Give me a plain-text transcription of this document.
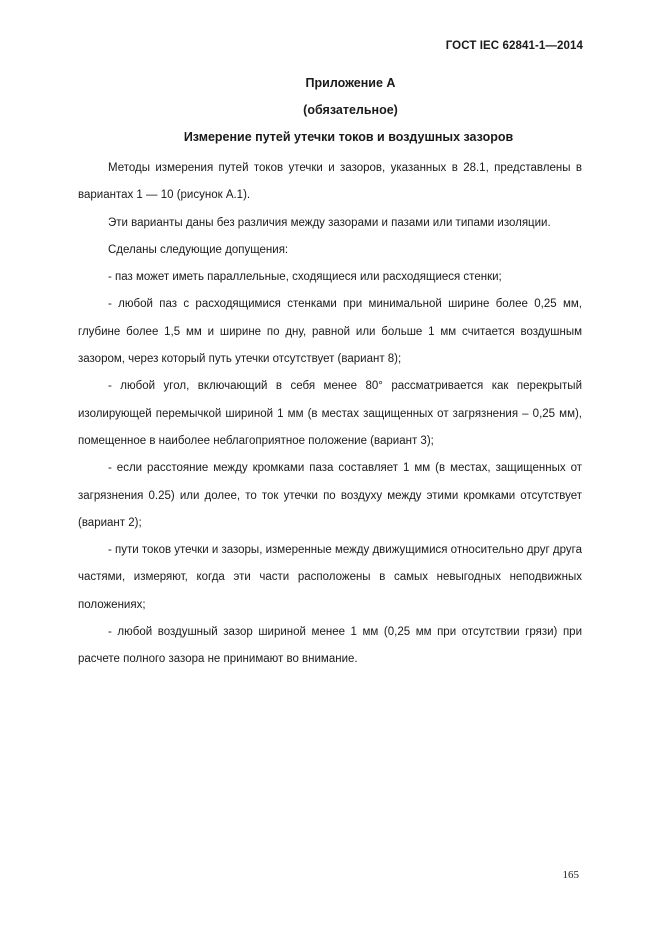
ГОСТ IEC 62841-1—2014
Приложение A
(обязательное)
Измерение путей утечки токов и воздушных зазоров

Методы измерения путей токов утечки и зазоров, указанных в 28.1, представлены в вариантах 1 — 10 (рисунок А.1).

Эти варианты даны без различия между зазорами и пазами или типами изоляции.

Сделаны следующие допущения:

- паз может иметь параллельные, сходящиеся или расходящиеся стенки;

- любой паз с расходящимися стенками при минимальной ширине более 0,25 мм, глубине более 1,5 мм и ширине по дну, равной или больше 1 мм считается воздушным зазором, через который путь утечки отсутствует (вариант 8);

- любой угол, включающий в себя менее 80° рассматривается как перекрытый изолирующей перемычкой шириной 1 мм (в местах защищенных от загрязнения – 0,25 мм), помещенное в наиболее неблагоприятное положение (вариант 3);

- если расстояние между кромками паза составляет 1 мм (в местах, защищенных от загрязнения 0.25) или долее, то ток утечки по воздуху между этими кромками отсутствует (вариант 2);

- пути токов утечки и зазоры, измеренные между движущимися относительно друг друга частями, измеряют, когда эти части расположены в самых невыгодных неподвижных положениях;

- любой воздушный зазор шириной менее 1 мм (0,25 мм при отсутствии грязи) при расчете полного зазора не принимают во внимание.

165
